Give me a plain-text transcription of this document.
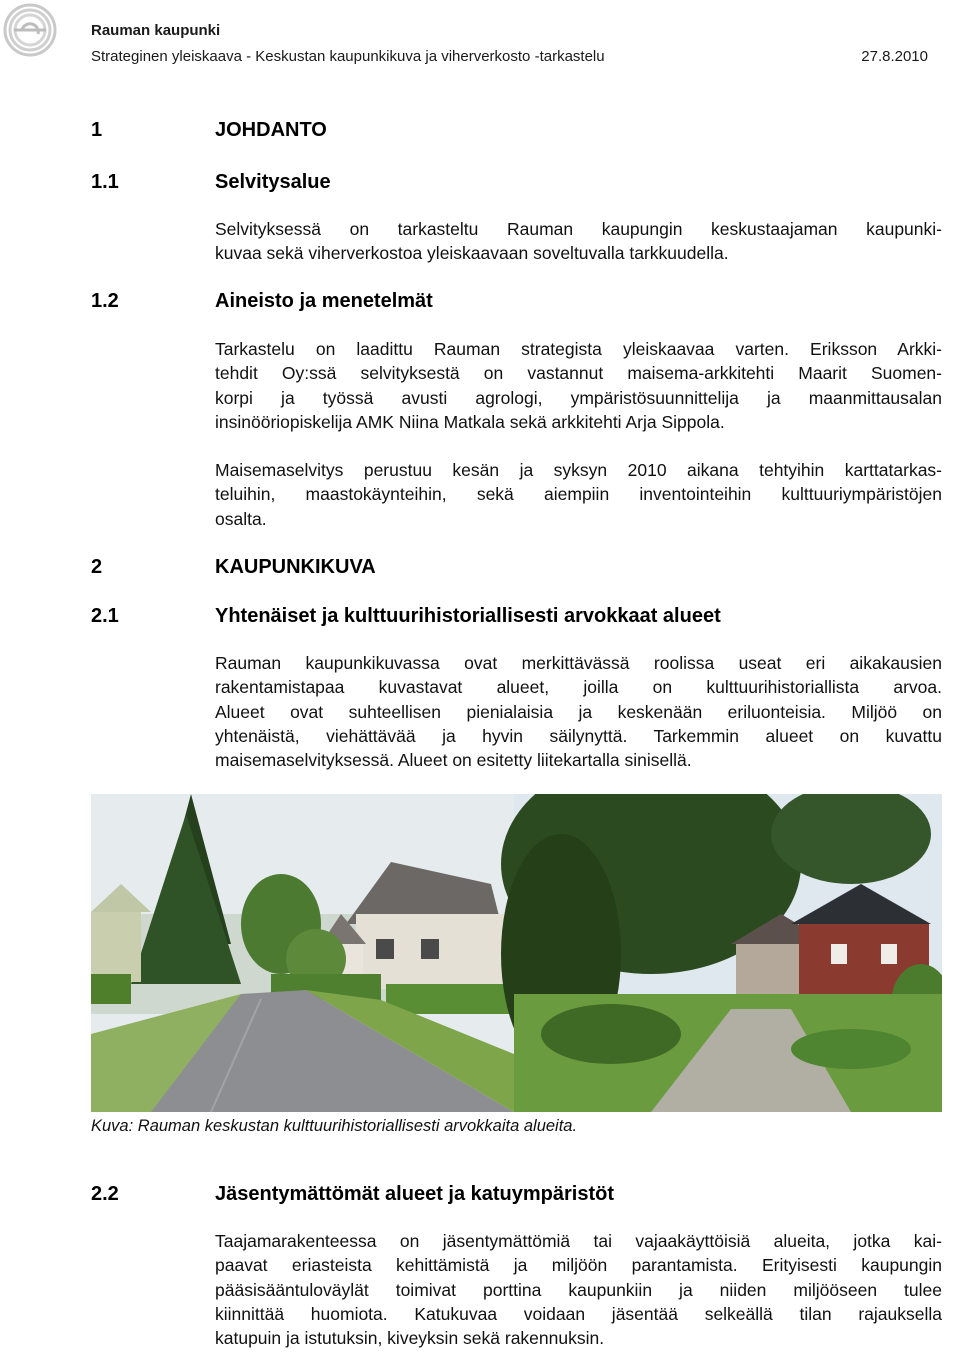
Rauman kaupunki
Strateginen yleiskaava - Keskustan kaupunkikuva ja viherverkosto -tarkastelu	27.8.2010
1	JOHDANTO
1.1	Selvitysalue
Selvityksessä on tarkasteltu Rauman kaupungin keskustaajaman kaupunki-
kuvaa sekä viherverkostoa yleiskaavaan soveltuvalla tarkkuudella.
1.2	Aineisto ja menetelmät
Tarkastelu on laadittu Rauman strategista yleiskaavaa varten. Eriksson Arkki-
tehdit Oy:ssä selvityksestä on vastannut maisema-arkkitehti Maarit Suomen-
korpi ja työssä avusti agrologi, ympäristösuunnittelija ja maanmittausalan
insinööriopiskelija AMK Niina Matkala sekä arkkitehti Arja Sippola.
Maisemaselvitys perustuu kesän ja syksyn 2010 aikana tehtyihin karttatarkas-
teluihin, maastokäynteihin, sekä aiempiin inventointeihin kulttuuriympäristöjen
osalta.
2	KAUPUNKIKUVA
2.1	Yhtenäiset ja kulttuurihistoriallisesti arvokkaat alueet
Rauman kaupunkikuvassa ovat merkittävässä roolissa useat eri aikakausien
rakentamistapaa kuvastavat alueet, joilla on kulttuurihistoriallista arvoa.
Alueet ovat suhteellisen pienialaisia ja keskenään eriluonteisia. Miljöö on
yhtenäistä, viehättävää ja hyvin säilynyttä. Tarkemmin alueet on kuvattu
maisemaselvityksessä. Alueet on esitetty liitekartalla sinisellä.
Kuva: Rauman keskustan kulttuurihistoriallisesti arvokkaita alueita.
2.2	Jäsentymättömät alueet ja katuympäristöt
Taajamarakenteessa on jäsentymättömiä tai vajaakäyttöisiä alueita, jotka kai-
paavat eriasteista kehittämistä ja miljöön parantamista. Erityisesti kaupungin
pääsisääntuloväylät toimivat porttina kaupunkiin ja niiden miljööseen tulee
kiinnittää huomiota. Katukuvaa voidaan jäsentää selkeällä tilan rajauksella
katupuin ja istutuksin, kiveyksin sekä rakennuksin.
